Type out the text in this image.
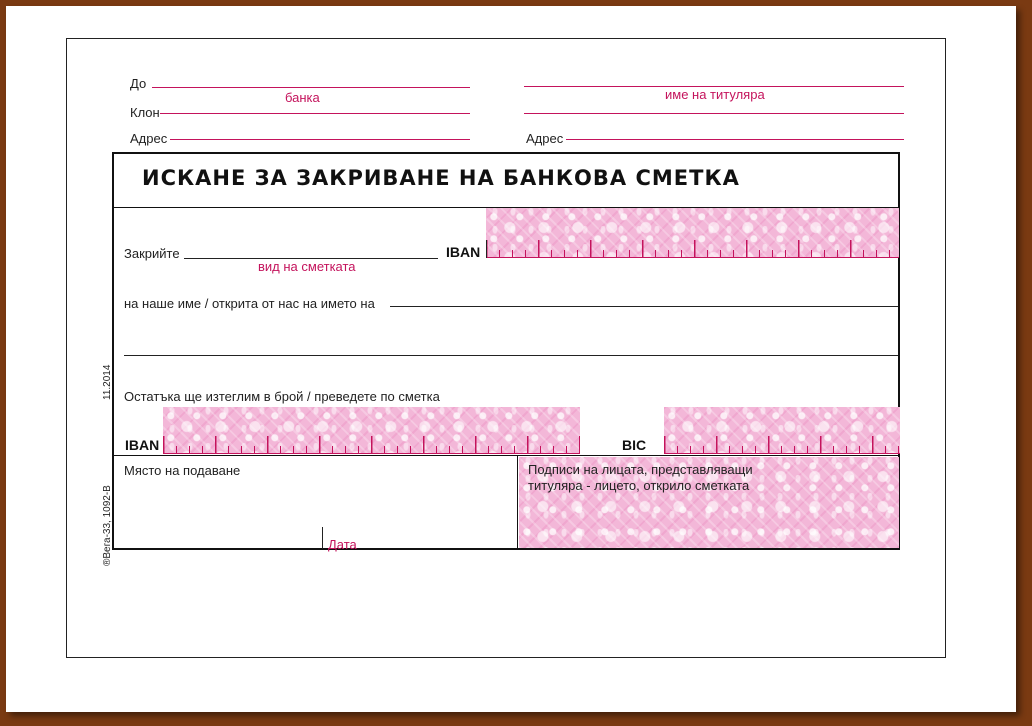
До
банка
Клон
Адрес
име на титуляра
Адрес
ИСКАНЕ ЗА ЗАКРИВАНЕ НА БАНКОВА СМЕТКА
Закрийте
вид на сметката
IBAN
на наше име / открита от нас на името на
Остатъка ще изтеглим в брой / преведете по сметка
IBAN	BIC
Място на подаване
Дата
Подписи на лицата, представляващи
титуляра - лицето, открило сметката
11.2014
®Вега-33, 1092-В
